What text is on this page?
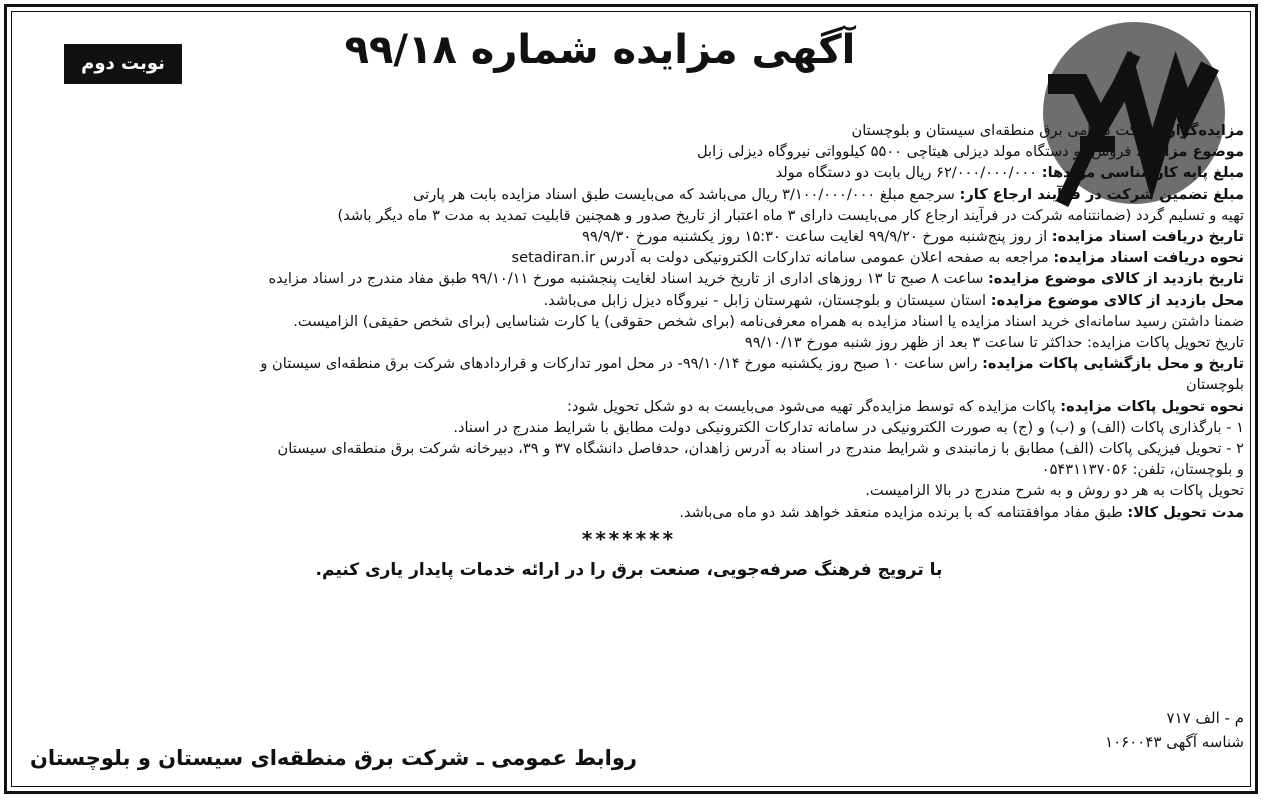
نوبت دوم	آگهی مزایده شماره ۹۹/۱۸
مزایده‌گزار: شرکت سهامی برق منطقه‌ای سیستان و بلوچستان
موضوع مزایده: فروش دو دستگاه مولد دیزلی هیتاچی ۵۵۰۰ کیلوواتی نیروگاه دیزلی زابل
مبلغ پایه کارشناسی مولدها: ۶۲/۰۰۰/۰۰۰/۰۰۰ ریال بابت دو دستگاه مولد
مبلغ تضمین شرکت در فرآیند ارجاع کار: سرجمع مبلغ ۳/۱۰۰/۰۰۰/۰۰۰ ریال می‌باشد که می‌بایست طبق اسناد مزایده بابت هر پارتی
تهیه و تسلیم گردد (ضمانتنامه شرکت در فرآیند ارجاع کار می‌بایست دارای ۳ ماه اعتبار از تاریخ صدور و همچنین قابلیت تمدید به مدت ۳ ماه دیگر باشد)
تاریخ دریافت اسناد مزایده: از روز پنج‌شنبه مورخ ۹۹/۹/۲۰ لغایت ساعت ۱۵:۳۰ روز یکشنبه مورخ ۹۹/۹/۳۰
نحوه دریافت اسناد مزایده: مراجعه به صفحه اعلان عمومی سامانه تدارکات الکترونیکی دولت به آدرس setadiran.ir
تاریخ بازدید از کالای موضوع مزایده: ساعت ۸ صبح تا ۱۳ روزهای اداری از تاریخ خرید اسناد لغایت پنجشنبه مورخ ۹۹/۱۰/۱۱ طبق مفاد مندرج در اسناد مزایده
محل بازدید از کالای موضوع مزایده: استان سیستان و بلوچستان، شهرستان زابل - نیروگاه دیزل زابل می‌باشد.
ضمنا داشتن رسید سامانه‌ای خرید اسناد مزایده یا اسناد مزایده به همراه معرفی‌نامه (برای شخص حقوقی) یا کارت شناسایی (برای شخص حقیقی) الزامیست.
تاریخ تحویل پاکات مزایده: حداکثر تا ساعت ۳ بعد از ظهر روز شنبه مورخ ۹۹/۱۰/۱۳
تاریخ و محل بازگشایی پاکات مزایده: راس ساعت ۱۰ صبح روز یکشنبه مورخ ۹۹/۱۰/۱۴- در محل امور تدارکات و قراردادهای شرکت برق منطقه‌ای سیستان و
بلوچستان
نحوه تحویل پاکات مزایده: پاکات مزایده که توسط مزایده‌گر تهیه می‌شود می‌بایست به دو شکل تحویل شود:
۱ - بارگذاری پاکات (الف) و (ب) و (ج) به صورت الکترونیکی در سامانه تدارکات الکترونیکی دولت مطابق با شرایط مندرج در اسناد.
۲ - تحویل فیزیکی پاکات (الف) مطابق با زمانبندی و شرایط مندرج در اسناد به آدرس زاهدان، حدفاصل دانشگاه ۳۷ و ۳۹، دبیرخانه شرکت برق منطقه‌ای سیستان
و بلوچستان، تلفن: ۰۵۴۳۱۱۳۷۰۵۶
تحویل پاکات به هر دو روش و به شرح مندرج در بالا الزامیست.
مدت تحویل کالا: طبق مفاد موافقتنامه که با برنده مزایده منعقد خواهد شد دو ماه می‌باشد.
*******
با ترویج فرهنگ صرفه‌جویی، صنعت برق را در ارائه خدمات پایدار یاری کنیم.
م - الف ۷۱۷
شناسه آگهی ۱۰۶۰۰۴۳
روابط عمومی ـ شرکت برق منطقه‌ای سیستان و بلوچستان
